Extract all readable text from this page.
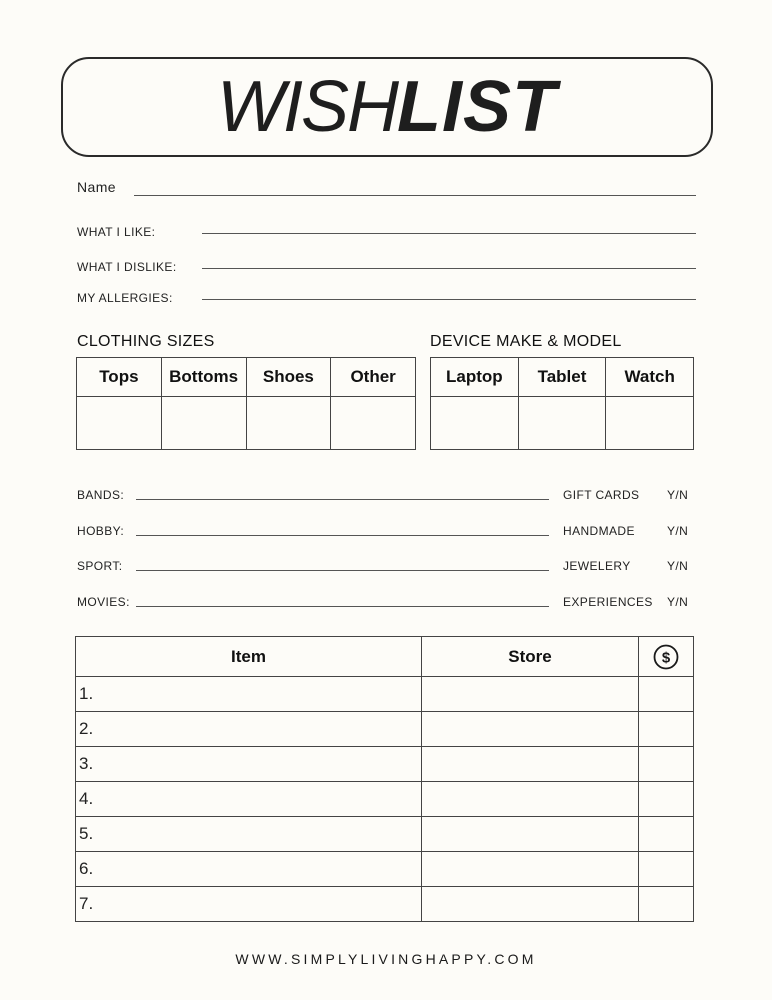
WISH LIST
Name
WHAT I LIKE:
WHAT I DISLIKE:
MY ALLERGIES:
CLOTHING SIZES
Tops	Bottoms	Shoes	Other

DEVICE MAKE & MODEL
Laptop	Tablet	Watch

BANDS:
HOBBY:
SPORT:
MOVIES:
GIFT CARDS Y/N
HANDMADE	Y/N
JEWELERY	Y/N
EXPERIENCES Y/N
Item	Store	$

1.		
2.		
3.		
4.		
5.		
6.		
7.		
WWW.SIMPLYLIVINGHAPPY.COM
